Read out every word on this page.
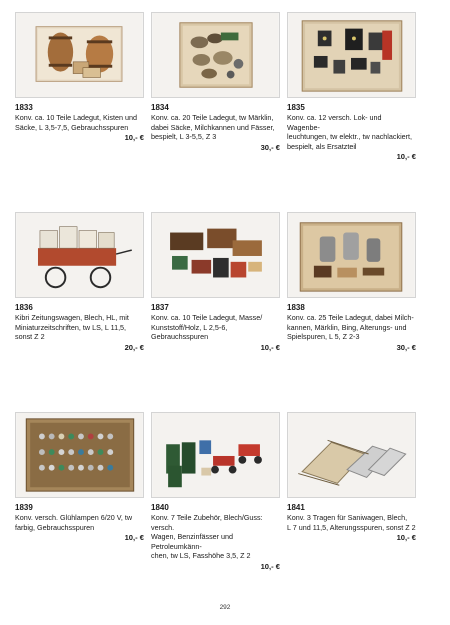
1833

Konv. ca. 10 Teile Ladegut, Kisten und

Säcke, L 3,5-7,5, Gebrauchsspuren

10,- €
1834

Konv. ca. 20 Teile Ladegut, tw Märklin,

dabei Säcke, Milchkannen und Fässer,

bespielt, L 3-5,5, Z 3

30,- €
1835

Konv. ca. 12 versch. Lok- und Wagenbe-

leuchtungen, tw elektr., tw nachlackiert,

bespielt, als Ersatzteil

10,- €
1836

Kibri Zeitungswagen, Blech, HL, mit

Miniaturzeitschriften, tw LS, L 11,5,

sonst Z 2

20,- €
1837

Konv. ca. 10 Teile Ladegut, Masse/

Kunststoff/Holz, L 2,5-6, Gebrauchsspuren

10,- €
1838

Konv. ca. 25 Teile Ladegut, dabei Milch-

kannen, Märklin, Bing, Alterungs- und

Spielspuren, L 5, Z 2-3

30,- €
1839

Konv. versch. Glühlampen 6/20 V, tw

farbig, Gebrauchsspuren

10,- €
1840

Konv. 7 Teile Zubehör, Blech/Guss: versch.

Wagen, Benzinfässer und Petroleumkänn-

chen, tw LS, Fasshöhe 3,5, Z 2

10,- €
1841

Konv. 3 Tragen für Saniwagen, Blech,

L 7 und 11,5, Alterungsspuren, sonst Z 2

10,- €
292
